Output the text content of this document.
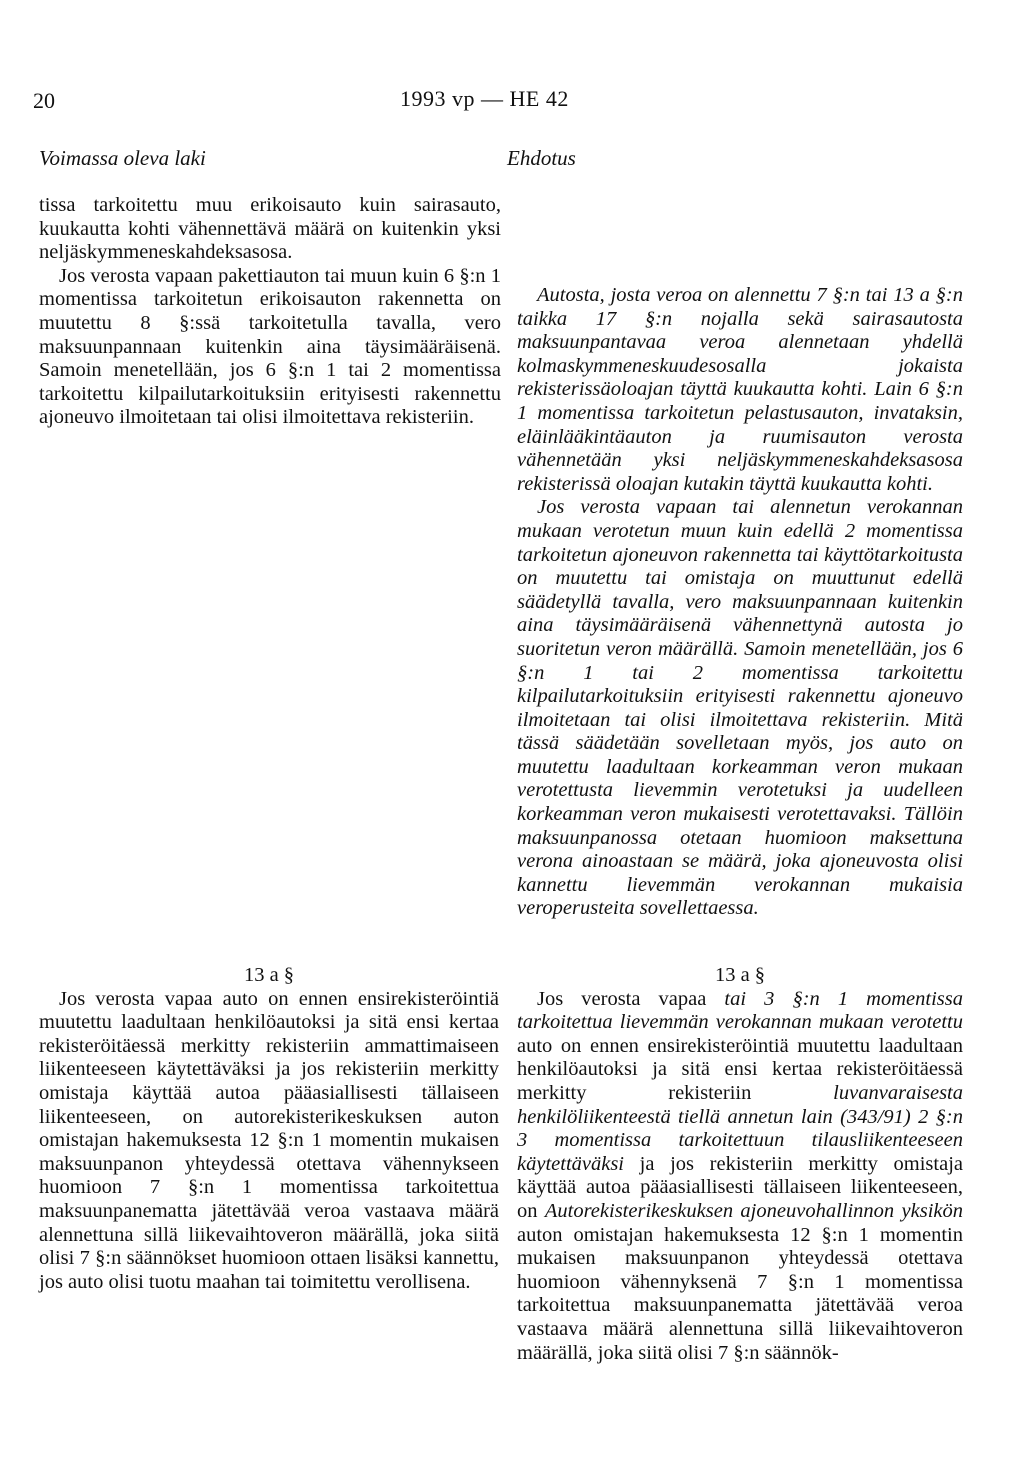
20	1993 vp — HE 42
Voimassa oleva laki	Ehdotus

tissa tarkoitettu muu erikoisauto kuin sairasauto, kuukautta kohti vähennettävä määrä on kuitenkin yksi neljäskymmeneskahdeksasosa.

Jos verosta vapaan pakettiauton tai muun kuin 6 §:n 1 momentissa tarkoitetun erikoisauton rakennetta on muutettu 8 §:ssä tarkoitetulla tavalla, vero maksuunpannaan kuitenkin aina täysimääräisenä. Samoin menetellään, jos 6 §:n 1 tai 2 momentissa tarkoitettu kilpailutarkoituksiin erityisesti rakennettu ajoneuvo ilmoitetaan tai olisi ilmoitettava rekisteriin.

13 a §

Jos verosta vapaa auto on ennen ensirekisteröintiä muutettu laadultaan henkilöautoksi ja sitä ensi kertaa rekisteröitäessä merkitty rekisteriin ammattimaiseen liikenteeseen käytettäväksi ja jos rekisteriin merkitty omistaja käyttää autoa pääasiallisesti tällaiseen liikenteeseen, on autorekisterikeskuksen auton omistajan hakemuksesta 12 §:n 1 momentin mukaisen maksuunpanon yhteydessä otettava vähennykseen huomioon 7 §:n 1 momentissa tarkoitettua maksuunpanematta jätettävää veroa vastaava määrä alennettuna sillä liikevaihtoveron määrällä, joka siitä olisi 7 §:n säännökset huomioon ottaen lisäksi kannettu, jos auto olisi tuotu maahan tai toimitettu verollisena.

Autosta, josta veroa on alennettu 7 §:n tai 13 a §:n taikka 17 §:n nojalla sekä sairasautosta maksuunpantavaa veroa alennetaan yhdellä kolmaskymmeneskuudesosalla jokaista rekisterissäoloajan täyttä kuukautta kohti. Lain 6 §:n 1 momentissa tarkoitetun pelastusauton, invataksin, eläinlääkintäauton ja ruumisauton verosta vähennetään yksi neljäskymmeneskahdeksasosa rekisterissä oloajan kutakin täyttä kuukautta kohti.

Jos verosta vapaan tai alennetun verokannan mukaan verotetun muun kuin edellä 2 momentissa tarkoitetun ajoneuvon rakennetta tai käyttötarkoitusta on muutettu tai omistaja on muuttunut edellä säädetyllä tavalla, vero maksuunpannaan kuitenkin aina täysimääräisenä vähennettynä autosta jo suoritetun veron määrällä. Samoin menetellään, jos 6 §:n 1 tai 2 momentissa tarkoitettu kilpailutarkoituksiin erityisesti rakennettu ajoneuvo ilmoitetaan tai olisi ilmoitettava rekisteriin. Mitä tässä säädetään sovelletaan myös, jos auto on muutettu laadultaan korkeamman veron mukaan verotettusta lievemmin verotetuksi ja uudelleen korkeamman veron mukaisesti verotettavaksi. Tällöin maksuunpanossa otetaan huomioon maksettuna verona ainoastaan se määrä, joka ajoneuvosta olisi kannettu lievemmän verokannan mukaisia veroperusteita sovellettaessa.

13 a §

Jos verosta vapaa tai 3 §:n 1 momentissa tarkoitettua lievemmän verokannan mukaan verotettu auto on ennen ensirekisteröintiä muutettu laadultaan henkilöautoksi ja sitä ensi kertaa rekisteröitäessä merkitty rekisteriin luvanvaraisesta henkilöliikenteestä tiellä annetun lain (343/91) 2 §:n 3 momentissa tarkoitettuun tilausliikenteeseen käytettäväksi ja jos rekisteriin merkitty omistaja käyttää autoa pääasiallisesti tällaiseen liikenteeseen, on Autorekisterikeskuksen ajoneuvohallinnon yksikön auton omistajan hakemuksesta 12 §:n 1 momentin mukaisen maksuunpanon yhteydessä otettava huomioon vähennyksenä 7 §:n 1 momentissa tarkoitettua maksuunpanematta jätettävää veroa vastaava määrä alennettuna sillä liikevaihtoveron määrällä, joka siitä olisi 7 §:n säännök-
